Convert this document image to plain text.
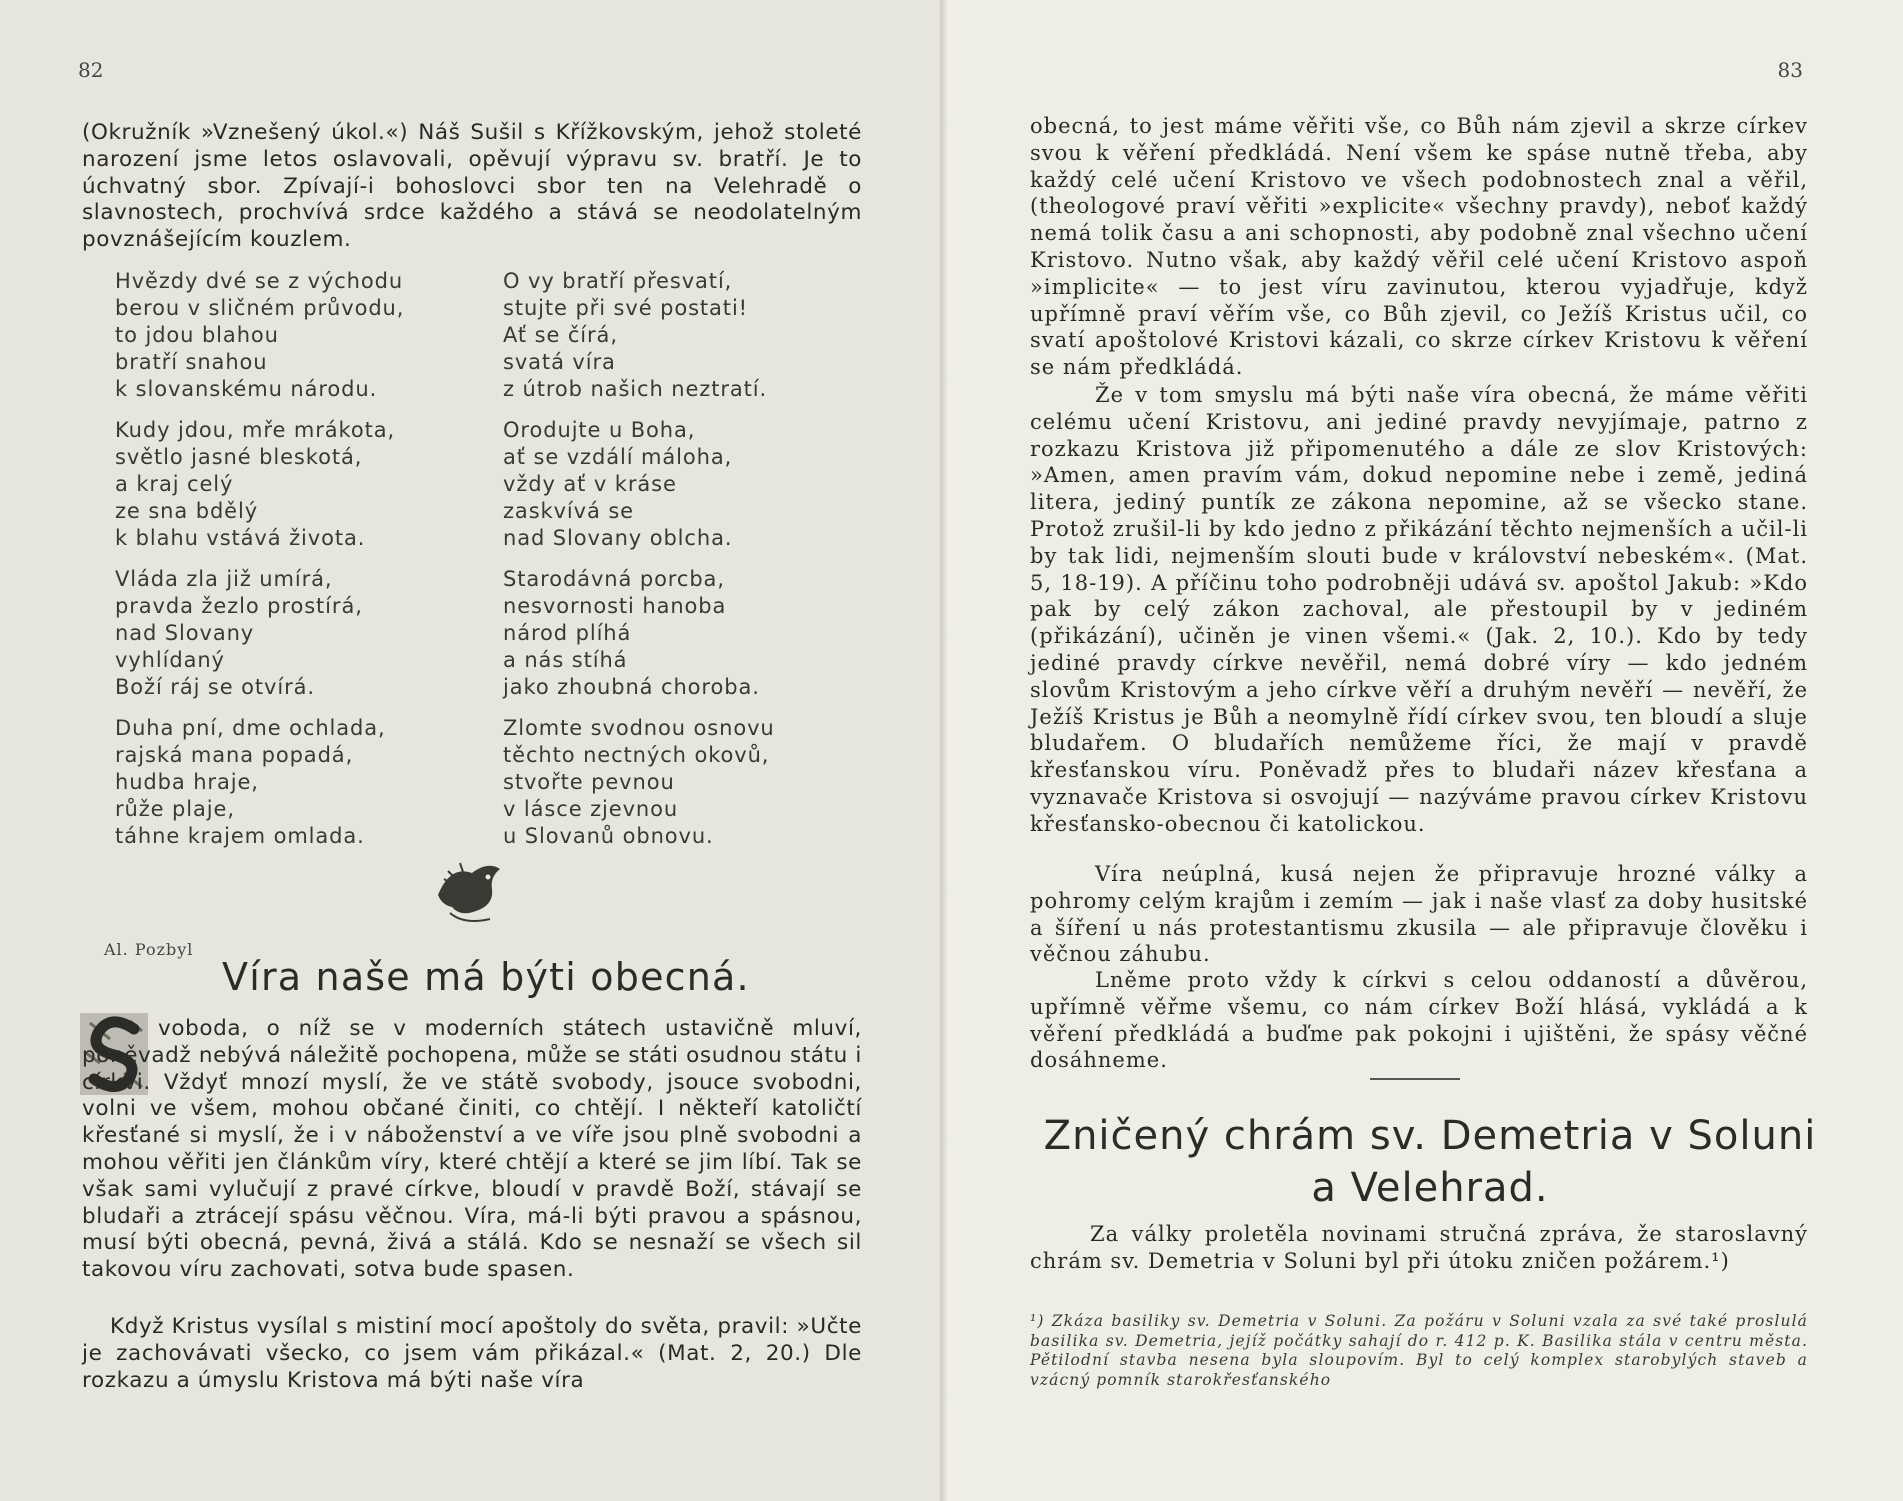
82	83

(Okružník »Vznešený úkol.«) Náš Sušil s Křížkovským, jehož stoleté narození jsme letos oslavovali, opěvují výpravu sv. bratří. Je to úchvatný sbor. Zpívají-i bohoslovci sbor ten na Velehradě o slavnostech, prochvívá srdce každého a stává se neodolatelným povznášejícím kouzlem.

Hvězdy dvé se z východu
berou v sličném průvodu,
to jdou blahou
bratří snahou
k slovanskému národu.
Kudy jdou, mře mrákota,
světlo jasné bleskotá,
a kraj celý
ze sna bdělý
k blahu vstává života.
Vláda zla již umírá,
pravda žezlo prostírá,
nad Slovany
vyhlídaný
Boží ráj se otvírá.
Duha pní, dme ochlada,
rajská mana popadá,
hudba hraje,
růže plaje,
táhne krajem omlada.
O vy bratří přesvatí,
stujte při své postati!
Ať se čírá,
svatá víra
z útrob našich neztratí.
Orodujte u Boha,
ať se vzdálí máloha,
vždy ať v kráse
zaskvívá se
nad Slovany oblcha.
Starodávná porcba,
nesvornosti hanoba
národ plíhá
a nás stíhá
jako zhoubná choroba.
Zlomte svodnou osnovu
těchto nectných okovů,
stvořte pevnou
v lásce zjevnou
u Slovanů obnovu.
Al. Pozbyl
Víra naše má býti obecná.

voboda, o níž se v moderních státech ustavičně mluví, poněvadž nebývá náležitě pochopena, může se státi osudnou státu i církvi. Vždyť mnozí myslí, že ve státě svobody, jsouce svobodni, volni ve všem, mohou občané činiti, co chtějí. I někteří katoličtí křesťané si myslí, že i v náboženství a ve víře jsou plně svobodni a mohou věřiti jen článkům víry, které chtějí a které se jim líbí. Tak se však sami vylučují z pravé církve, bloudí v pravdě Boží, stávají se bludaři a ztrácejí spásu věčnou. Víra, má-li býti pravou a spásnou, musí býti obecná, pevná, živá a stálá. Kdo se nesnaží se všech sil takovou víru zachovati, sotva bude spasen.

Když Kristus vysílal s mistiní mocí apoštoly do světa, pravil: »Učte je zachovávati všecko, co jsem vám přikázal.« (Mat. 2, 20.) Dle rozkazu a úmyslu Kristova má býti naše víra

obecná, to jest máme věřiti vše, co Bůh nám zjevil a skrze církev svou k věření předkládá. Není všem ke spáse nutně třeba, aby každý celé učení Kristovo ve všech podobnostech znal a věřil, (theologové praví věřiti »explicite« všechny pravdy), neboť každý nemá tolik času a ani schopnosti, aby podobně znal všechno učení Kristovo. Nutno však, aby každý věřil celé učení Kristovo aspoň »implicite« — to jest víru zavinutou, kterou vyjadřuje, když upřímně praví věřím vše, co Bůh zjevil, co Ježíš Kristus učil, co svatí apoštolové Kristovi kázali, co skrze církev Kristovu k věření se nám předkládá.

Že v tom smyslu má býti naše víra obecná, že máme věřiti celému učení Kristovu, ani jediné pravdy nevyjímaje, patrno z rozkazu Kristova již připomenutého a dále ze slov Kristových: »Amen, amen pravím vám, dokud nepomine nebe i země, jediná litera, jediný puntík ze zákona nepomine, až se všecko stane. Protož zrušil-li by kdo jedno z přikázání těchto nejmenších a učil-li by tak lidi, nejmenším slouti bude v království nebeském«. (Mat. 5, 18-19). A příčinu toho podrobněji udává sv. apoštol Jakub: »Kdo pak by celý zákon zachoval, ale přestoupil by v jediném (přikázání), učiněn je vinen všemi.« (Jak. 2, 10.). Kdo by tedy jediné pravdy církve nevěřil, nemá dobré víry — kdo jedném slovům Kristovým a jeho církve věří a druhým nevěří — nevěří, že Ježíš Kristus je Bůh a neomylně řídí církev svou, ten bloudí a sluje bludařem. O bludařích nemůžeme říci, že mají v pravdě křesťanskou víru. Poněvadž přes to bludaři název křesťana a vyznavače Kristova si osvojují — nazýváme pravou církev Kristovu křesťansko-obecnou či katolickou.

Víra neúplná, kusá nejen že připravuje hrozné války a pohromy celým krajům i zemím — jak i naše vlasť za doby husitské a šíření u nás protestantismu zkusila — ale připravuje člověku i věčnou záhubu.

Lněme proto vždy k církvi s celou oddaností a důvěrou, upřímně věřme všemu, co nám církev Boží hlásá, vykládá a k věření předkládá a buďme pak pokojni i ujištěni, že spásy věčné dosáhneme.

Zničený chrám sv. Demetria v Soluni
a Velehrad.

Za války proletěla novinami stručná zpráva, že staroslavný chrám sv. Demetria v Soluni byl při útoku zničen požárem.¹)

¹) Zkáza basiliky sv. Demetria v Soluni. Za požáru v Soluni vzala za své také proslulá basilika sv. Demetria, jejíž počátky sahají do r. 412 p. K. Basilika stála v centru města. Pětilodní stavba nesena byla sloupovím. Byl to celý komplex starobylých staveb a vzácný pomník starokřesťanského
